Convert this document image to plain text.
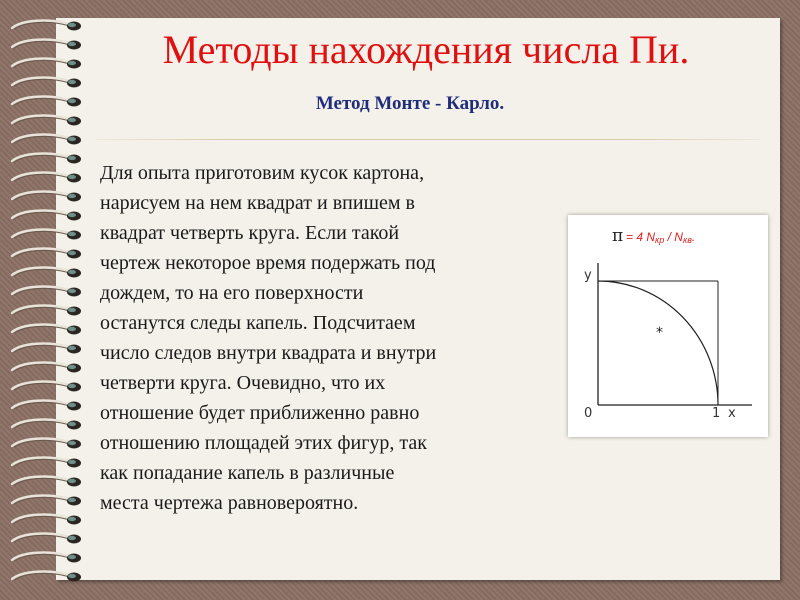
Методы нахождения числа Пи.
Метод Монте - Карло.
Для опыта приготовим кусок картона,
нарисуем на нем квадрат и впишем в
квадрат четверть круга. Если такой
чертеж некоторое время подержать под
дождем, то на его поверхности
останутся следы капель. Подсчитаем
число следов внутри квадрата и внутри
четверти круга. Очевидно, что их
отношение будет приближенно равно
отношению площадей этих фигур, так
как попадание капель в различные
места чертежа равновероятно.
π = 4 Nкр / Nкв.
y
x
0	1
*
